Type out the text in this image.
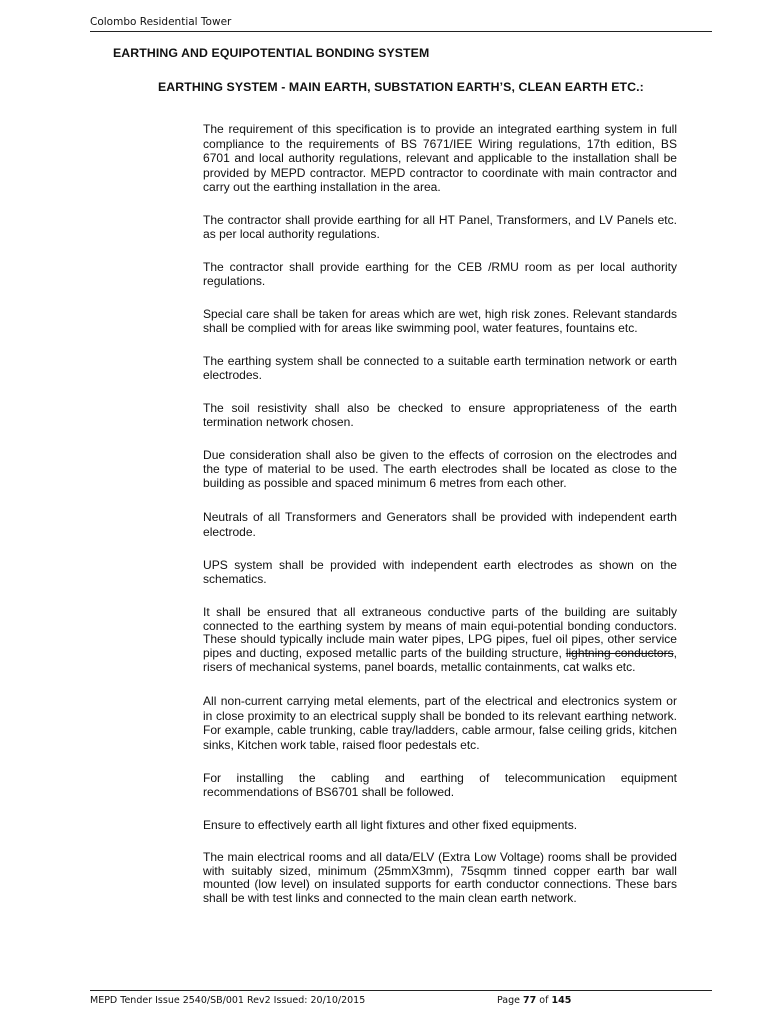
Colombo Residential Tower
EARTHING AND EQUIPOTENTIAL BONDING SYSTEM
EARTHING SYSTEM - MAIN EARTH, SUBSTATION EARTH’S, CLEAN EARTH ETC.:

The requirement of this specification is to provide an integrated earthing system in full compliance to the requirements of BS 7671/IEE Wiring regulations, 17th edition, BS 6701 and local authority regulations, relevant and applicable to the installation shall be provided by MEPD contractor. MEPD contractor to coordinate with main contractor and carry out the earthing installation in the area.

The contractor shall provide earthing for all HT Panel, Transformers, and LV Panels etc. as per local authority regulations.

The contractor shall provide earthing for the CEB /RMU room as per local authority regulations.

Special care shall be taken for areas which are wet, high risk zones. Relevant standards shall be complied with for areas like swimming pool, water features, fountains etc.

The earthing system shall be connected to a suitable earth termination network or earth electrodes.

The soil resistivity shall also be checked to ensure appropriateness of the earth termination network chosen.

Due consideration shall also be given to the effects of corrosion on the electrodes and the type of material to be used. The earth electrodes shall be located as close to the building as possible and spaced minimum 6 metres from each other.

Neutrals of all Transformers and Generators shall be provided with independent earth electrode.

UPS system shall be provided with independent earth electrodes as shown on the schematics.

It shall be ensured that all extraneous conductive parts of the building are suitably connected to the earthing system by means of main equi-potential bonding conductors. These should typically include main water pipes, LPG pipes, fuel oil pipes, other service pipes and ducting, exposed metallic parts of the building structure, lightning conductors, risers of mechanical systems, panel boards, metallic containments, cat walks etc.

All non-current carrying metal elements, part of the electrical and electronics system or in close proximity to an electrical supply shall be bonded to its relevant earthing network. For example, cable trunking, cable tray/ladders, cable armour, false ceiling grids, kitchen sinks, Kitchen work table, raised floor pedestals etc.

For installing the cabling and earthing of telecommunication equipment recommendations of BS6701 shall be followed.

Ensure to effectively earth all light fixtures and other fixed equipments.

The main electrical rooms and all data/ELV (Extra Low Voltage) rooms shall be provided with suitably sized, minimum (25mmX3mm), 75sqmm tinned copper earth bar wall mounted (low level) on insulated supports for earth conductor connections. These bars shall be with test links and connected to the main clean earth network.

MEPD Tender Issue 2540/SB/001 Rev2 Issued: 20/10/2015	Page 77 of 145
